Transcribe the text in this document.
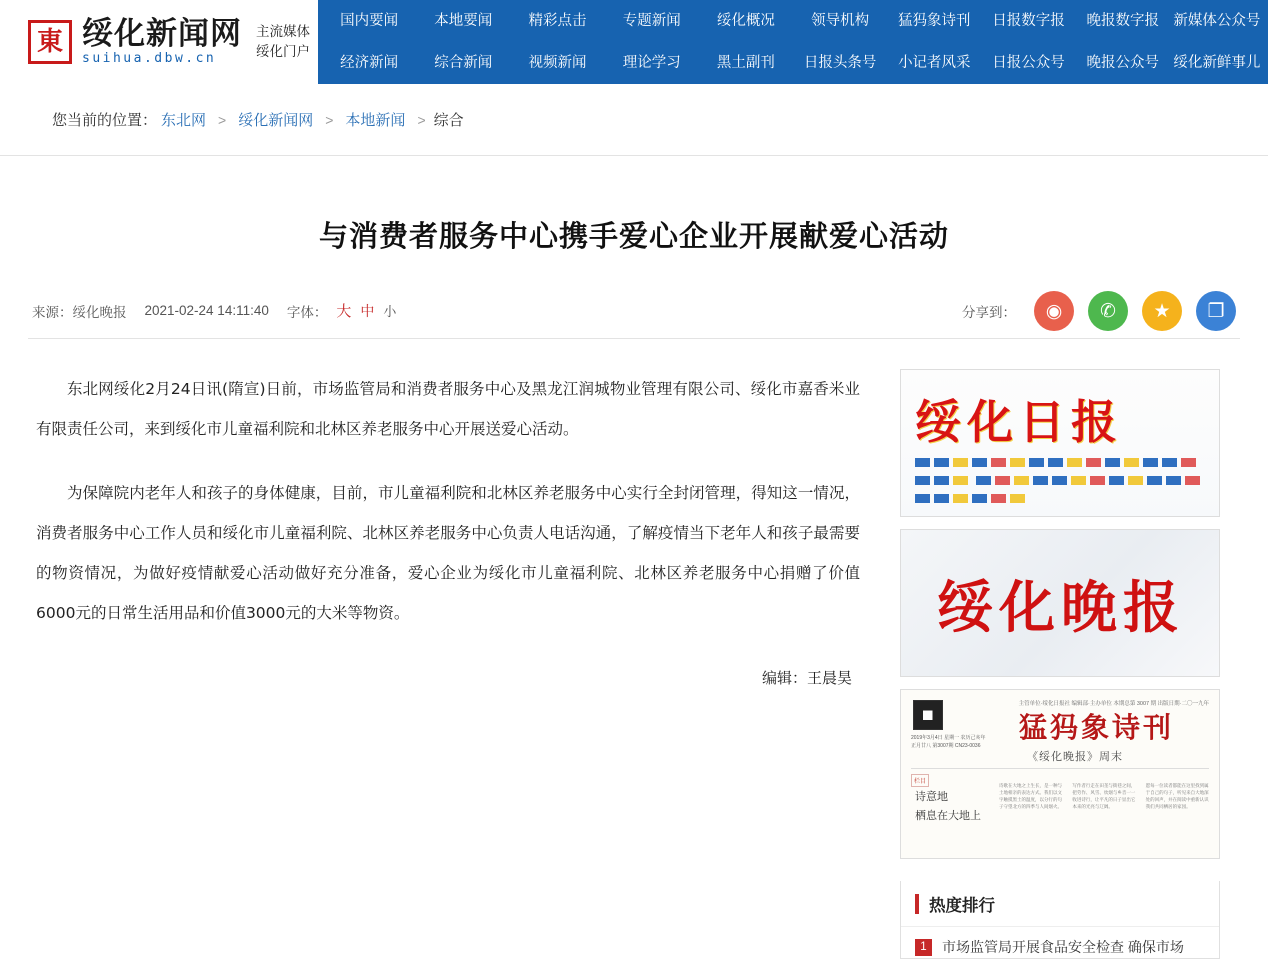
東 绥化新闻网
suihua.dbw.cn
主流媒体
绥化门户
国内要闻	本地要闻	精彩点击	专题新闻	绥化概况	领导机构	猛犸象诗刊	日报数字报	晚报数字报 新媒体公众号
经济新闻	综合新闻	视频新闻	理论学习	黑土副刊	日报头条号	小记者风采	日报公众号	晚报公众号 绥化新鲜事儿
您当前的位置： 东北网 > 绥化新闻网 > 本地新闻 > 综合
与消费者服务中心携手爱心企业开展献爱心活动
来源：绥化晚报 2021-02-24 14:11:40 字体： 大 中 小	分享到：	◉	✆	★	❐

东北网绥化2月24日讯(隋宣)日前，市场监管局和消费者服务中心及黑龙江润城物业管理有限公司、绥化市嘉香米业有限责任公司，来到绥化市儿童福利院和北林区养老服务中心开展送爱心活动。

为保障院内老年人和孩子的身体健康，目前，市儿童福利院和北林区养老服务中心实行全封闭管理，得知这一情况，消费者服务中心工作人员和绥化市儿童福利院、北林区养老服务中心负责人电话沟通，了解疫情当下老年人和孩子最需要的物资情况，为做好疫情献爱心活动做好充分准备，爱心企业为绥化市儿童福利院、北林区养老服务中心捐赠了价值6000元的日常生活用品和价值3000元的大米等物资。

编辑：王晨昊
绥化日报

绥化晚报
2019年3月4日 星期一 农历己亥年正月廿八 第3007期 CN23-0036
猛犸象诗刊
主管单位·绥化日报社 编辑部·主办单位 本期总第 3007 期 出版日期·二〇一九年
《绥化晚报》周末
栏目
诗意地
栖息在大地上
诗歌在大地之上生长，是一种与土地相亲的表达方式。我们以文字触摸黑土的温度，以分行的句子守望北方的四季与人间烟火。
写作者行走在田垄与街巷之间，把劳作、风雪、炊烟与乡音一一收进诗行，让平凡的日子显出它本来的光亮与辽阔。
愿每一位读者都能在这里找到属于自己的句子，听见来自大地深处的回声，并在阅读中重新认识我们共同栖居的家园。
热度排行
1	市场监管局开展食品安全检查 确保市场
